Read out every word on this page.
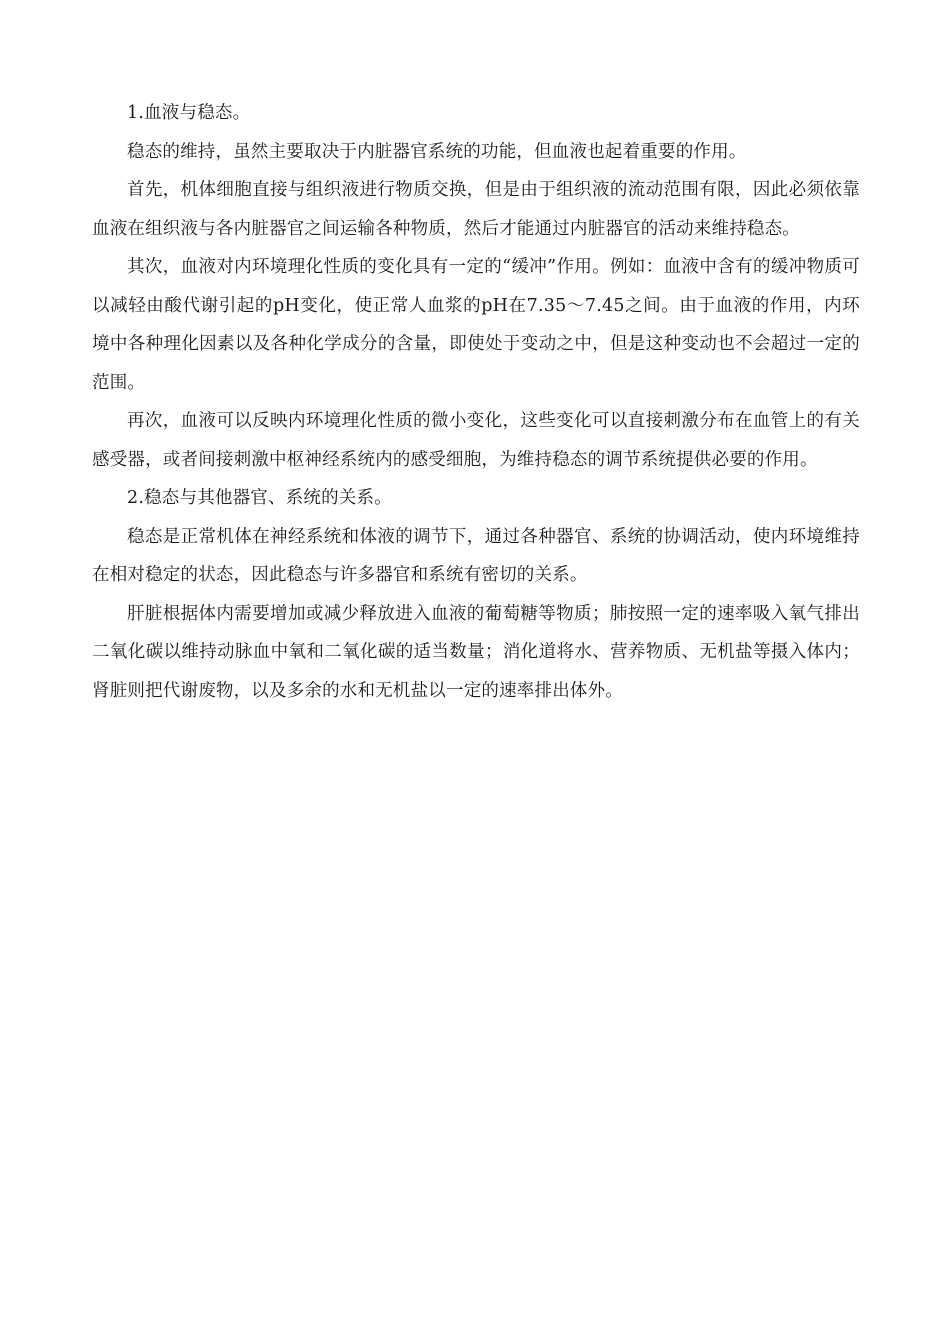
1.血液与稳态。

稳态的维持，虽然主要取决于内脏器官系统的功能，但血液也起着重要的作用。

首先，机体细胞直接与组织液进行物质交换，但是由于组织液的流动范围有限，因此必须依靠血液在组织液与各内脏器官之间运输各种物质，然后才能通过内脏器官的活动来维持稳态。

其次，血液对内环境理化性质的变化具有一定的“缓冲”作用。例如：血液中含有的缓冲物质可以减轻由酸代谢引起的pH变化，使正常人血浆的pH在7.35～7.45之间。由于血液的作用，内环境中各种理化因素以及各种化学成分的含量，即使处于变动之中，但是这种变动也不会超过一定的范围。

再次，血液可以反映内环境理化性质的微小变化，这些变化可以直接刺激分布在血管上的有关感受器，或者间接刺激中枢神经系统内的感受细胞，为维持稳态的调节系统提供必要的作用。

2.稳态与其他器官、系统的关系。

稳态是正常机体在神经系统和体液的调节下，通过各种器官、系统的协调活动，使内环境维持在相对稳定的状态，因此稳态与许多器官和系统有密切的关系。

肝脏根据体内需要增加或减少释放进入血液的葡萄糖等物质；肺按照一定的速率吸入氧气排出二氧化碳以维持动脉血中氧和二氧化碳的适当数量；消化道将水、营养物质、无机盐等摄入体内；肾脏则把代谢废物，以及多余的水和无机盐以一定的速率排出体外。
